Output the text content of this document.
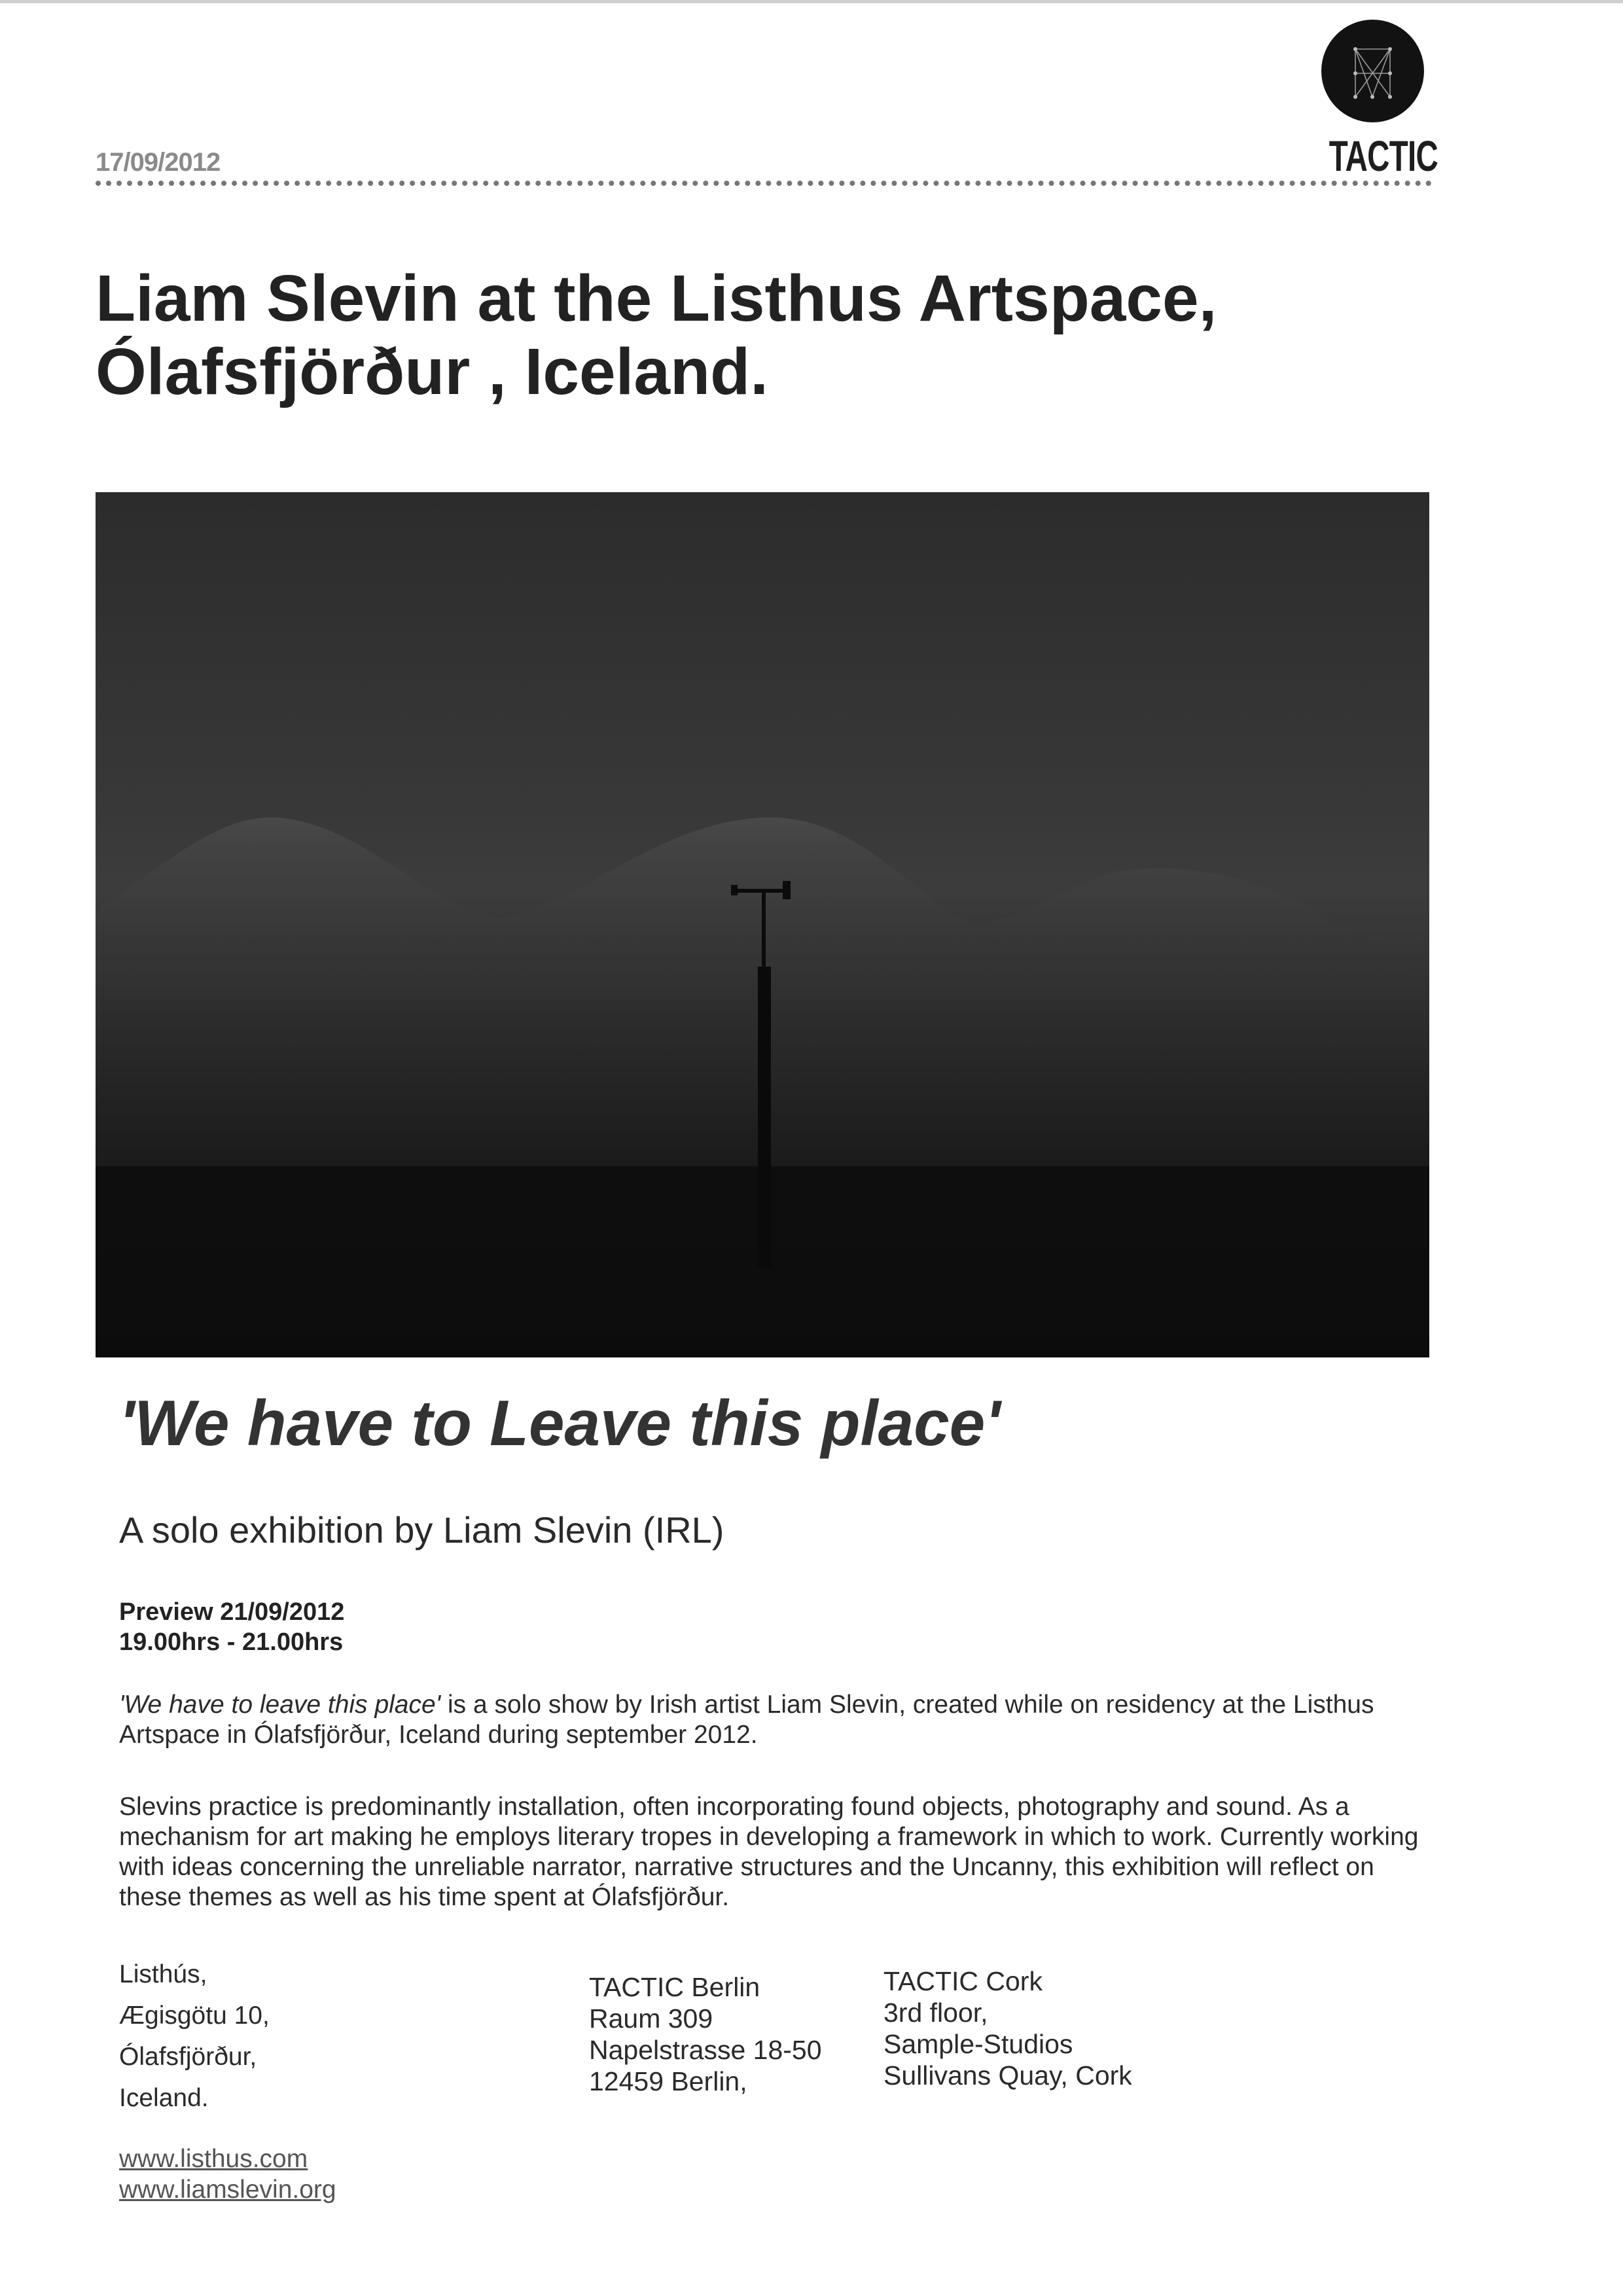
17/09/2012	TACTIC
Liam Slevin at the Listhus Artspace,
Ólafsfjörður , Iceland.
'We have to Leave this place'
A solo exhibition by Liam Slevin (IRL)
Preview 21/09/2012
19.00hrs - 21.00hrs

'We have to leave this place' is a solo show by Irish artist Liam Slevin, created while on residency at the Listhus Artspace in Ólafsfjörður, Iceland during september 2012.

Slevins practice is predominantly installation, often incorporating found objects, photography and sound. As a mechanism for art making he employs literary tropes in developing a framework in which to work. Currently working with ideas concerning the unreliable narrator, narrative structures and the Uncanny, this exhibition will reflect on these themes as well as his time spent at Ólafsfjörður.

Listhús,
Ægisgötu 10,
Ólafsfjörður,
Iceland.
TACTIC Berlin
Raum 309
Napelstrasse 18-50
12459 Berlin,
TACTIC Cork
3rd floor,
Sample-Studios
Sullivans Quay, Cork
www.listhus.com
www.liamslevin.org
